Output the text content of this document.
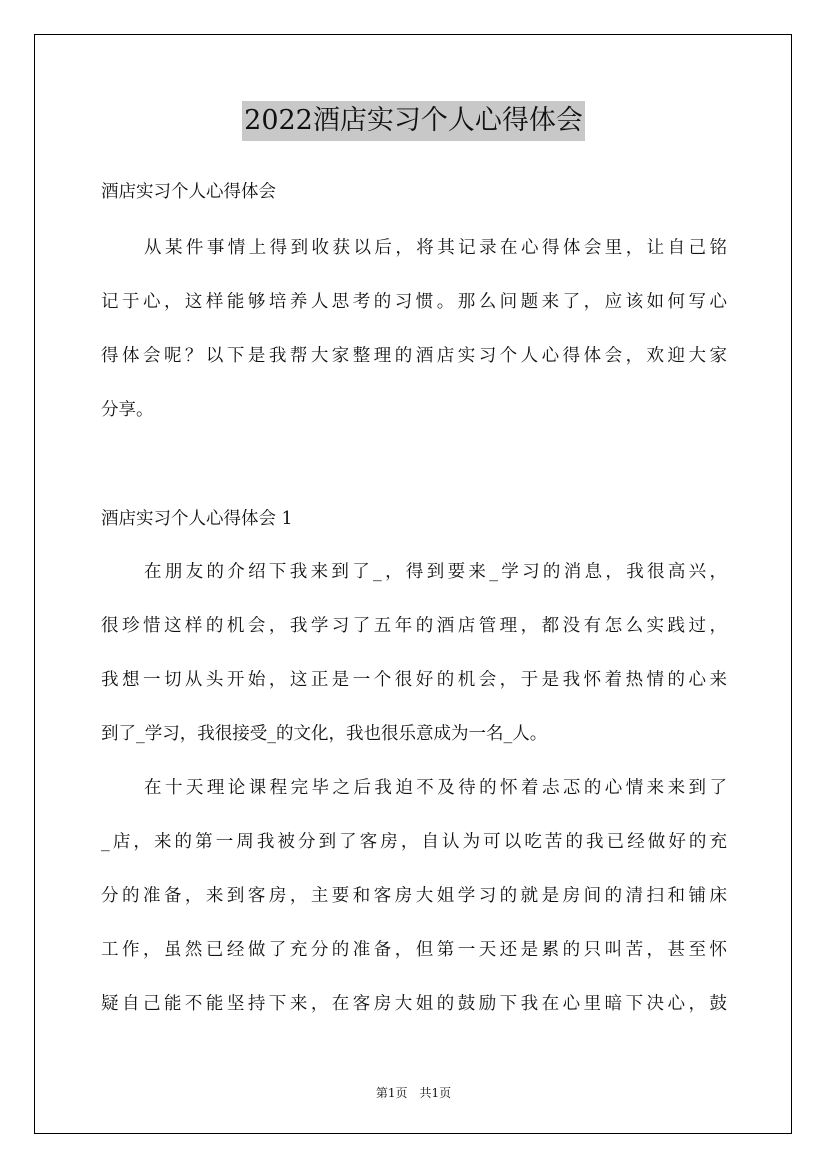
2022酒店实习个人心得体会
酒店实习个人心得体会
从某件事情上得到收获以后，将其记录在心得体会里，让自己铭
记于心，这样能够培养人思考的习惯。那么问题来了，应该如何写心
得体会呢？以下是我帮大家整理的酒店实习个人心得体会，欢迎大家
分享。
酒店实习个人心得体会 1
在朋友的介绍下我来到了_，得到要来_学习的消息，我很高兴，
很珍惜这样的机会，我学习了五年的酒店管理，都没有怎么实践过，
我想一切从头开始，这正是一个很好的机会，于是我怀着热情的心来
到了_学习，我很接受_的文化，我也很乐意成为一名_人。
在十天理论课程完毕之后我迫不及待的怀着忐忑的心情来来到了
_店，来的第一周我被分到了客房，自认为可以吃苦的我已经做好的充
分的准备，来到客房，主要和客房大姐学习的就是房间的清扫和铺床
工作，虽然已经做了充分的准备，但第一天还是累的只叫苦，甚至怀
疑自己能不能坚持下来，在客房大姐的鼓励下我在心里暗下决心，鼓
第1页　共1页
